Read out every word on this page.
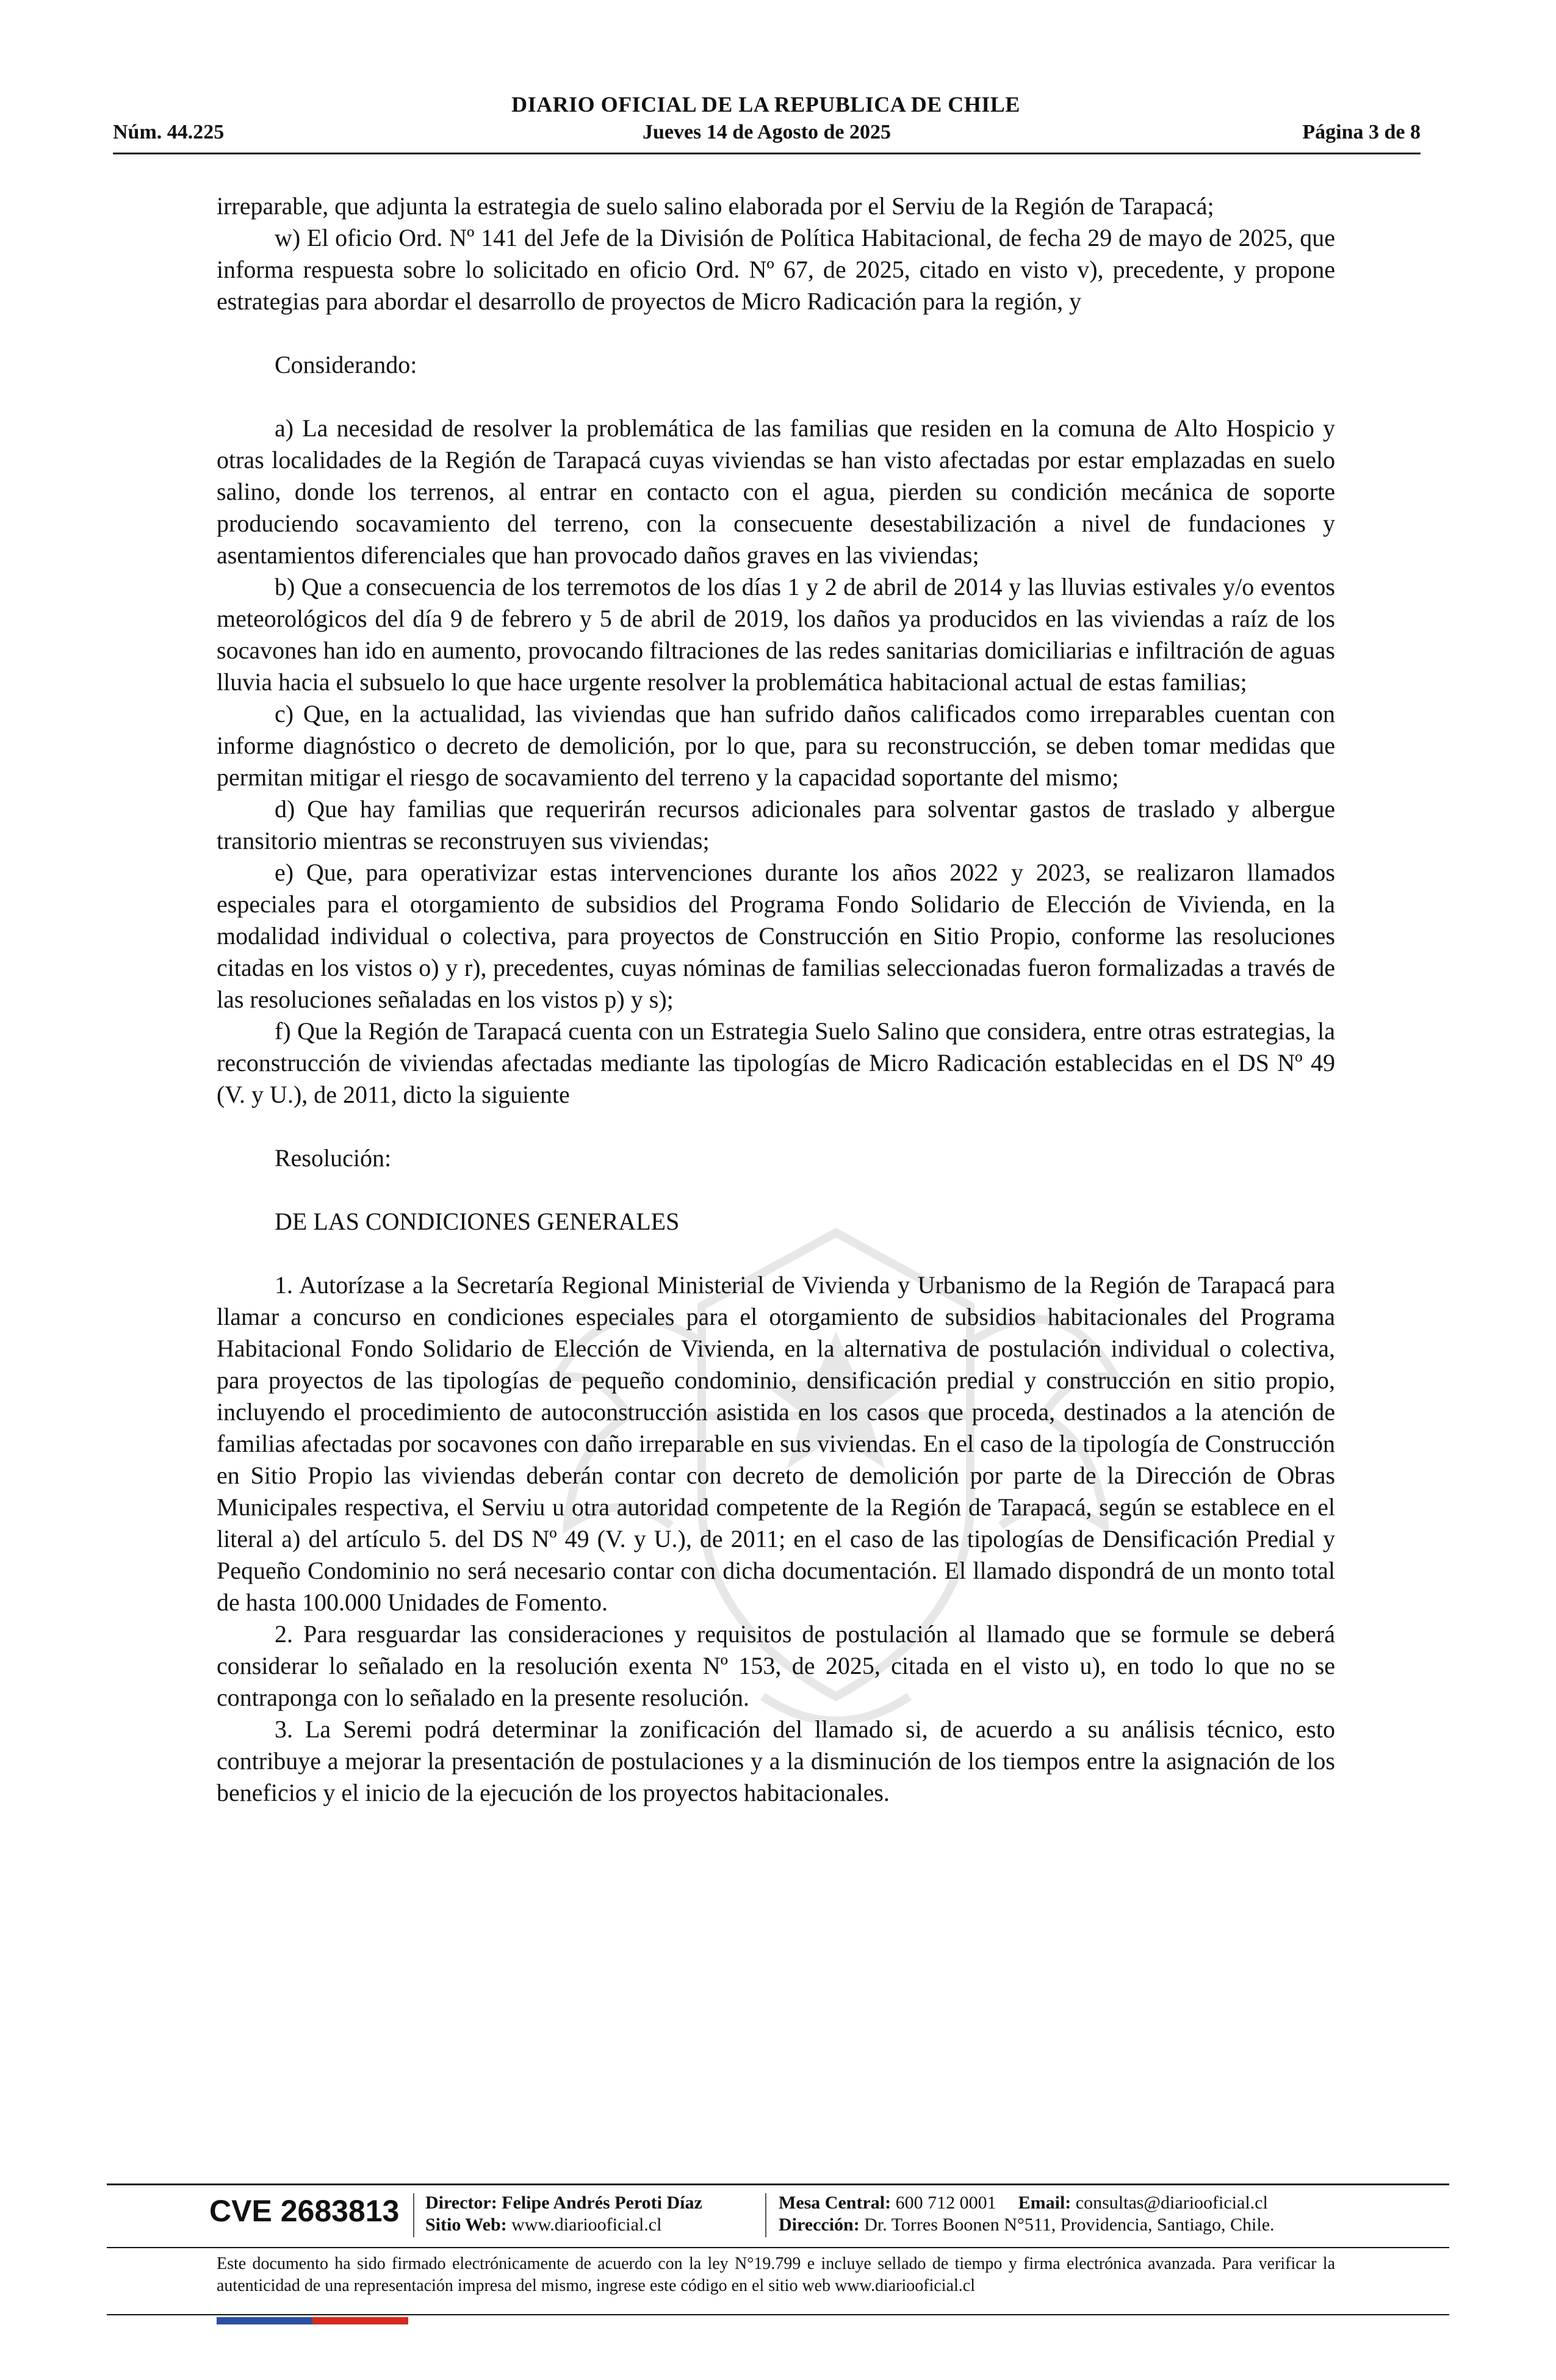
DIARIO OFICIAL DE LA REPUBLICA DE CHILE
Núm. 44.225	Jueves 14 de Agosto de 2025	Página 3 de 8

irreparable, que adjunta la estrategia de suelo salino elaborada por el Serviu de la Región de Tarapacá;

w) El oficio Ord. Nº 141 del Jefe de la División de Política Habitacional, de fecha 29 de mayo de 2025, que informa respuesta sobre lo solicitado en oficio Ord. Nº 67, de 2025, citado en visto v), precedente, y propone estrategias para abordar el desarrollo de proyectos de Micro Radicación para la región, y

Considerando:

a) La necesidad de resolver la problemática de las familias que residen en la comuna de Alto Hospicio y otras localidades de la Región de Tarapacá cuyas viviendas se han visto afectadas por estar emplazadas en suelo salino, donde los terrenos, al entrar en contacto con el agua, pierden su condición mecánica de soporte produciendo socavamiento del terreno, con la consecuente desestabilización a nivel de fundaciones y asentamientos diferenciales que han provocado daños graves en las viviendas;

b) Que a consecuencia de los terremotos de los días 1 y 2 de abril de 2014 y las lluvias estivales y/o eventos meteorológicos del día 9 de febrero y 5 de abril de 2019, los daños ya producidos en las viviendas a raíz de los socavones han ido en aumento, provocando filtraciones de las redes sanitarias domiciliarias e infiltración de aguas lluvia hacia el subsuelo lo que hace urgente resolver la problemática habitacional actual de estas familias;

c) Que, en la actualidad, las viviendas que han sufrido daños calificados como irreparables cuentan con informe diagnóstico o decreto de demolición, por lo que, para su reconstrucción, se deben tomar medidas que permitan mitigar el riesgo de socavamiento del terreno y la capacidad soportante del mismo;

d) Que hay familias que requerirán recursos adicionales para solventar gastos de traslado y albergue transitorio mientras se reconstruyen sus viviendas;

e) Que, para operativizar estas intervenciones durante los años 2022 y 2023, se realizaron llamados especiales para el otorgamiento de subsidios del Programa Fondo Solidario de Elección de Vivienda, en la modalidad individual o colectiva, para proyectos de Construcción en Sitio Propio, conforme las resoluciones citadas en los vistos o) y r), precedentes, cuyas nóminas de familias seleccionadas fueron formalizadas a través de las resoluciones señaladas en los vistos p) y s);

f) Que la Región de Tarapacá cuenta con un Estrategia Suelo Salino que considera, entre otras estrategias, la reconstrucción de viviendas afectadas mediante las tipologías de Micro Radicación establecidas en el DS Nº 49 (V. y U.), de 2011, dicto la siguiente

Resolución:

DE LAS CONDICIONES GENERALES

1. Autorízase a la Secretaría Regional Ministerial de Vivienda y Urbanismo de la Región de Tarapacá para llamar a concurso en condiciones especiales para el otorgamiento de subsidios habitacionales del Programa Habitacional Fondo Solidario de Elección de Vivienda, en la alternativa de postulación individual o colectiva, para proyectos de las tipologías de pequeño condominio, densificación predial y construcción en sitio propio, incluyendo el procedimiento de autoconstrucción asistida en los casos que proceda, destinados a la atención de familias afectadas por socavones con daño irreparable en sus viviendas. En el caso de la tipología de Construcción en Sitio Propio las viviendas deberán contar con decreto de demolición por parte de la Dirección de Obras Municipales respectiva, el Serviu u otra autoridad competente de la Región de Tarapacá, según se establece en el literal a) del artículo 5. del DS Nº 49 (V. y U.), de 2011; en el caso de las tipologías de Densificación Predial y Pequeño Condominio no será necesario contar con dicha documentación. El llamado dispondrá de un monto total de hasta 100.000 Unidades de Fomento.

2. Para resguardar las consideraciones y requisitos de postulación al llamado que se formule se deberá considerar lo señalado en la resolución exenta Nº 153, de 2025, citada en el visto u), en todo lo que no se contraponga con lo señalado en la presente resolución.

3. La Seremi podrá determinar la zonificación del llamado si, de acuerdo a su análisis técnico, esto contribuye a mejorar la presentación de postulaciones y a la disminución de los tiempos entre la asignación de los beneficios y el inicio de la ejecución de los proyectos habitacionales.

CVE 2683813 Director: Felipe Andrés Peroti Díaz
Sitio Web: www.diariooficial.cl
Mesa Central: 600 712 0001 Email: consultas@diariooficial.cl
Dirección: Dr. Torres Boonen N°511, Providencia, Santiago, Chile.
Este documento ha sido firmado electrónicamente de acuerdo con la ley N°19.799 e incluye sellado de tiempo y firma electrónica avanzada. Para verificar la autenticidad de una representación impresa del mismo, ingrese este código en el sitio web www.diariooficial.cl
